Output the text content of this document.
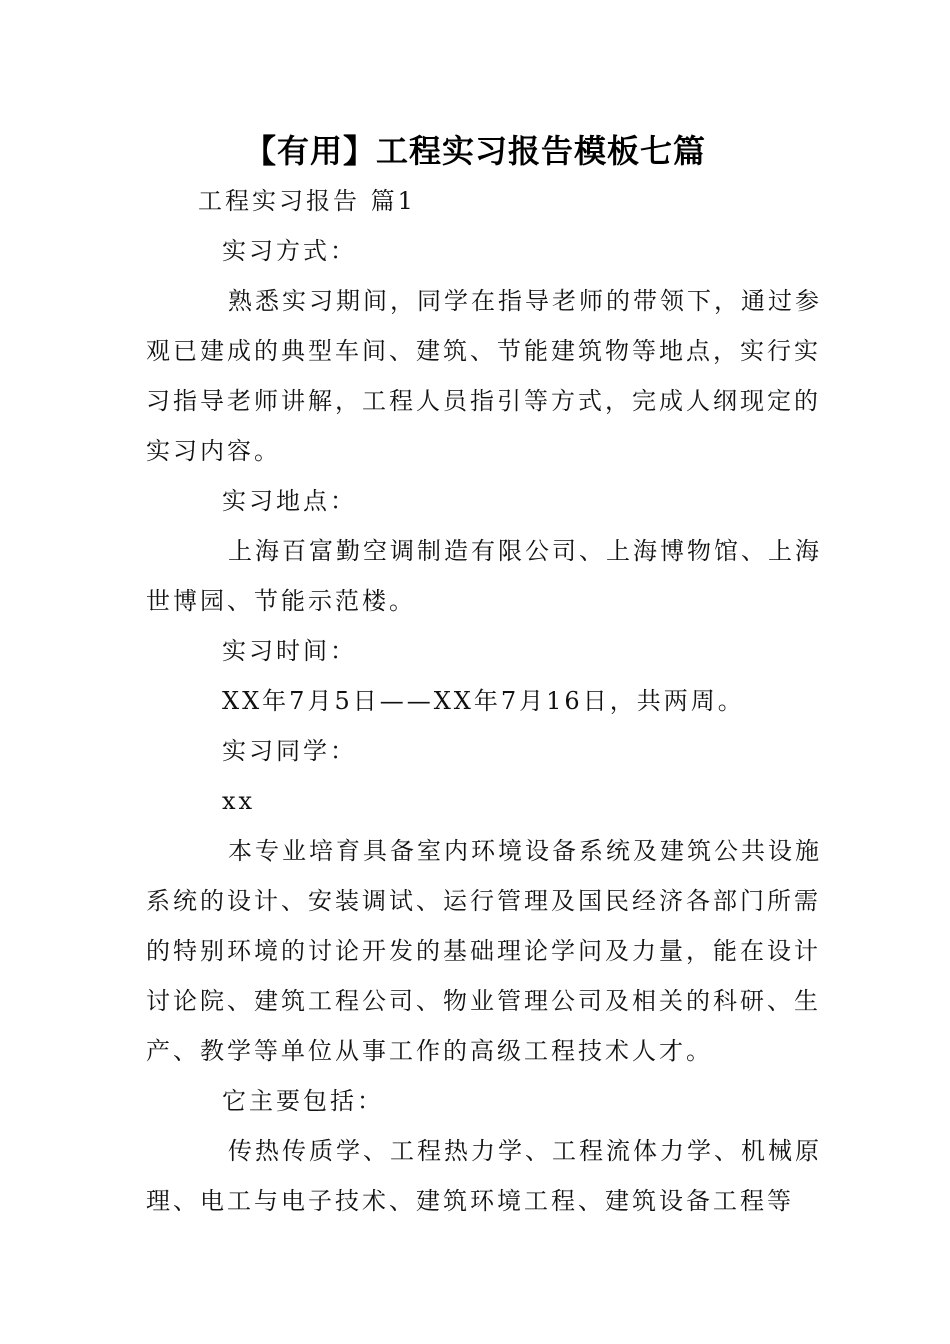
【有用】工程实习报告模板七篇
工程实习报告 篇1
实习方式：
熟悉实习期间，同学在指导老师的带领下，通过参
观已建成的典型车间、建筑、节能建筑物等地点，实行实
习指导老师讲解，工程人员指引等方式，完成人纲现定的
实习内容。
实习地点：
上海百富勤空调制造有限公司、上海博物馆、上海
世博园、节能示范楼。
实习时间：
XX年7月5日——XX年7月16日，共两周。
实习同学：
xx
本专业培育具备室内环境设备系统及建筑公共设施
系统的设计、安装调试、运行管理及国民经济各部门所需
的特别环境的讨论开发的基础理论学问及力量，能在设计
讨论院、建筑工程公司、物业管理公司及相关的科研、生
产、教学等单位从事工作的高级工程技术人才。
它主要包括：
传热传质学、工程热力学、工程流体力学、机械原
理、电工与电子技术、建筑环境工程、建筑设备工程等
